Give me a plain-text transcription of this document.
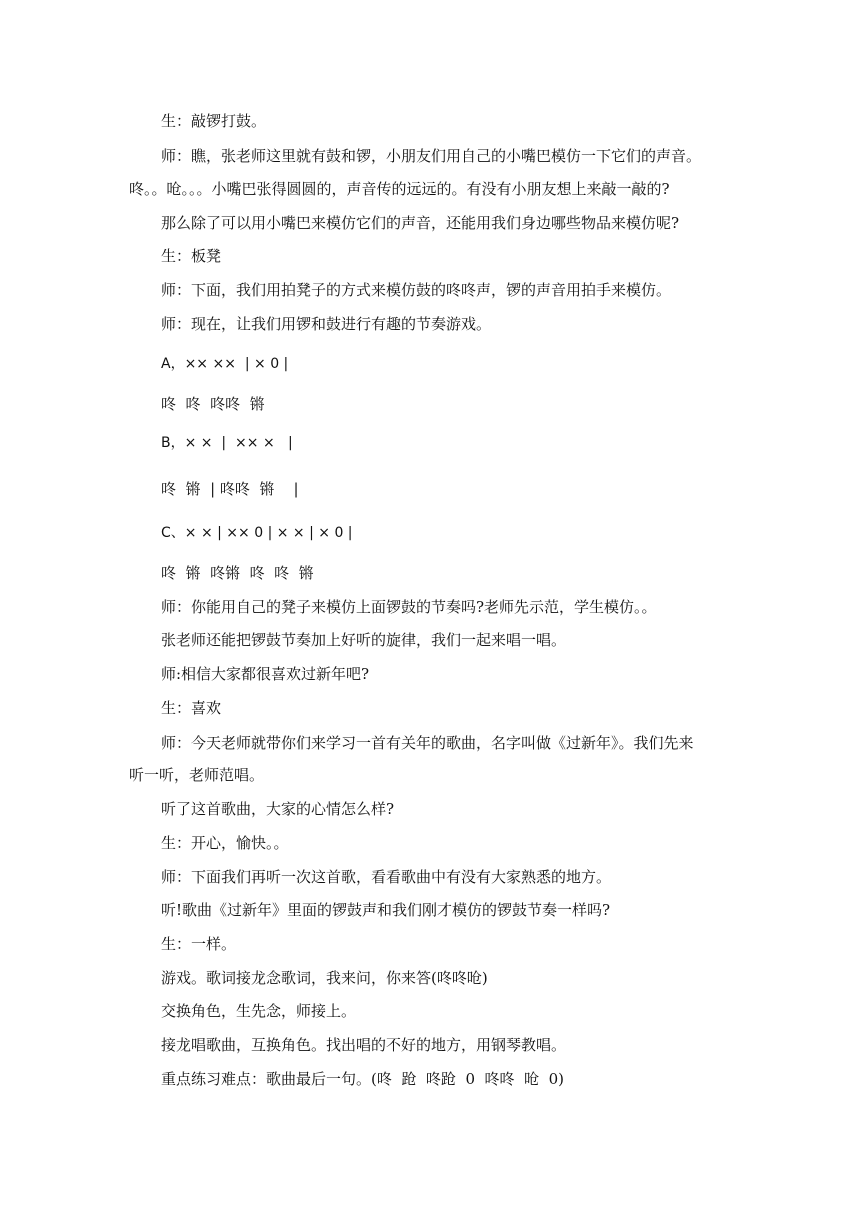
生：敲锣打鼓。
师：瞧，张老师这里就有鼓和锣，小朋友们用自己的小嘴巴模仿一下它们的声音。
咚。。呛。。。小嘴巴张得圆圆的，声音传的远远的。有没有小朋友想上来敲一敲的?
那么除了可以用小嘴巴来模仿它们的声音，还能用我们身边哪些物品来模仿呢?
生：板凳
师：下面，我们用拍凳子的方式来模仿鼓的咚咚声，锣的声音用拍手来模仿。
师：现在，让我们用锣和鼓进行有趣的节奏游戏。
A，×× ××  | × 0 |
咚  咚  咚咚  锵
B，× ×  |  ×× ×   |
咚  锵  | 咚咚  锵    |
C、× × | ×× 0 | × × | × 0 |
咚  锵  咚锵  咚  咚  锵
师：你能用自己的凳子来模仿上面锣鼓的节奏吗?老师先示范，学生模仿。。
张老师还能把锣鼓节奏加上好听的旋律，我们一起来唱一唱。
师:相信大家都很喜欢过新年吧?
生：喜欢
师：今天老师就带你们来学习一首有关年的歌曲，名字叫做《过新年》。我们先来
听一听，老师范唱。
听了这首歌曲，大家的心情怎么样?
生：开心，愉快。。
师：下面我们再听一次这首歌，看看歌曲中有没有大家熟悉的地方。
听!歌曲《过新年》里面的锣鼓声和我们刚才模仿的锣鼓节奏一样吗?
生：一样。
游戏。歌词接龙念歌词，我来问，你来答(咚咚呛)
交换角色，生先念，师接上。
接龙唱歌曲，互换角色。找出唱的不好的地方，用钢琴教唱。
重点练习难点：歌曲最后一句。(咚  跄  咚跄  0  咚咚  呛  0)
